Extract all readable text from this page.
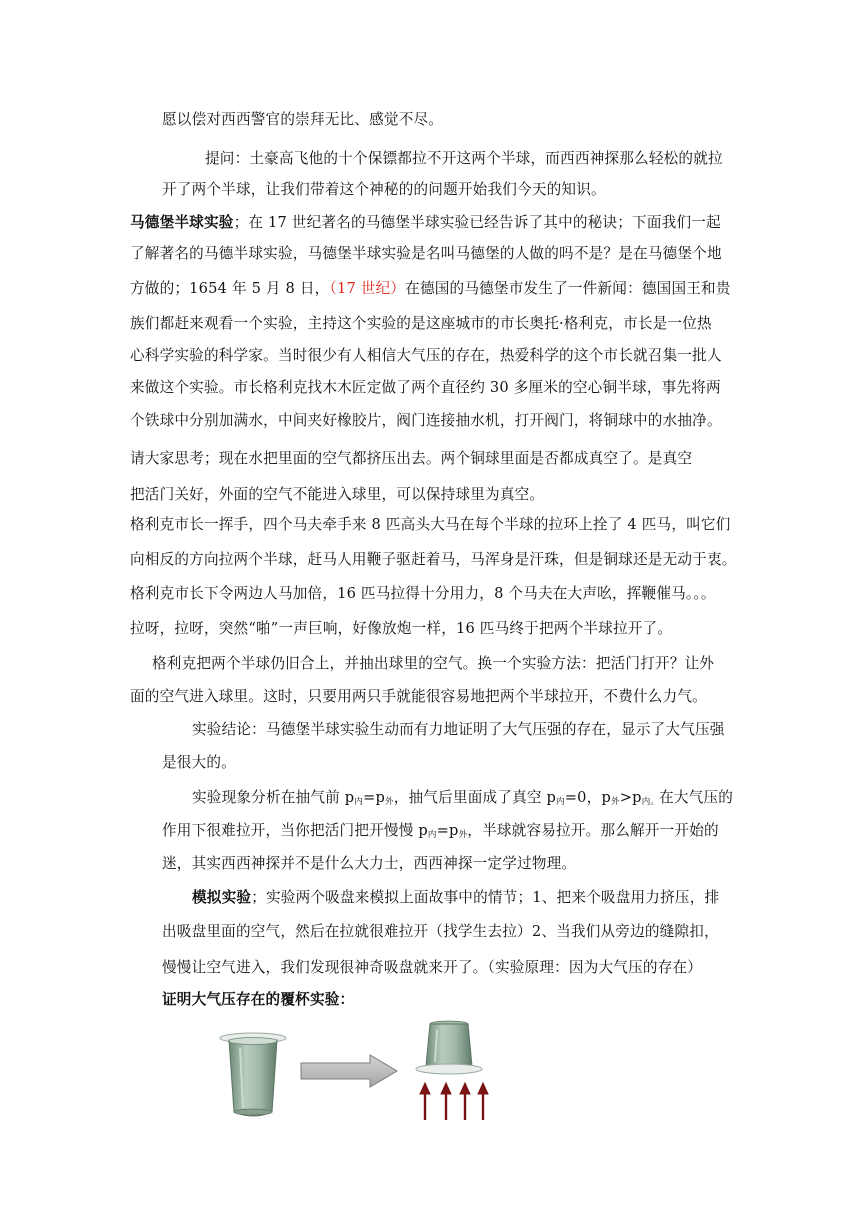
愿以偿对西西警官的崇拜无比、感觉不尽。
提问：土豪高飞他的十个保镖都拉不开这两个半球，而西西神探那么轻松的就拉
开了两个半球，让我们带着这个神秘的的问题开始我们今天的知识。
马德堡半球实验；在 17 世纪著名的马德堡半球实验已经告诉了其中的秘诀；下面我们一起
了解著名的马德半球实验，马德堡半球实验是名叫马德堡的人做的吗不是？是在马德堡个地
方做的；1654 年 5 月 8 日，（17 世纪）在德国的马德堡市发生了一件新闻：德国国王和贵
族们都赶来观看一个实验，主持这个实验的是这座城市的市长奥托·格利克，市长是一位热
心科学实验的科学家。当时很少有人相信大气压的存在，热爱科学的这个市长就召集一批人
来做这个实验。市长格利克找木木匠定做了两个直径约 30 多厘米的空心铜半球，事先将两
个铁球中分别加满水，中间夹好橡胶片，阀门连接抽水机，打开阀门，将铜球中的水抽净。
请大家思考；现在水把里面的空气都挤压出去。两个铜球里面是否都成真空了。是真空
把活门关好，外面的空气不能进入球里，可以保持球里为真空。
格利克市长一挥手，四个马夫牵手来 8 匹高头大马在每个半球的拉环上拴了 4 匹马，叫它们
向相反的方向拉两个半球，赶马人用鞭子驱赶着马，马浑身是汗珠，但是铜球还是无动于衷。
格利克市长下令两边人马加倍，16 匹马拉得十分用力，8 个马夫在大声吆，挥鞭催马。。。
拉呀，拉呀，突然“啪”一声巨响，好像放炮一样，16 匹马终于把两个半球拉开了。
格利克把两个半球仍旧合上，并抽出球里的空气。换一个实验方法：把活门打开？让外
面的空气进入球里。这时，只要用两只手就能很容易地把两个半球拉开，不费什么力气。
实验结论：马德堡半球实验生动而有力地证明了大气压强的存在，显示了大气压强
是很大的。
实验现象分析在抽气前 $p_内=p_外$，抽气后里面成了真空 $p_内=0$，$p_外>p_{内。}$在大气压的
作用下很难拉开，当你把活门把开慢慢 $p_内=p_外$，半球就容易拉开。那么解开一开始的
迷，其实西西神探并不是什么大力士，西西神探一定学过物理。
模拟实验；实验两个吸盘来模拟上面故事中的情节；1、把来个吸盘用力挤压，排
出吸盘里面的空气，然后在拉就很难拉开（找学生去拉）2、当我们从旁边的缝隙扣，
慢慢让空气进入，我们发现很神奇吸盘就来开了。（实验原理：因为大气压的存在）
证明大气压存在的覆杯实验：
